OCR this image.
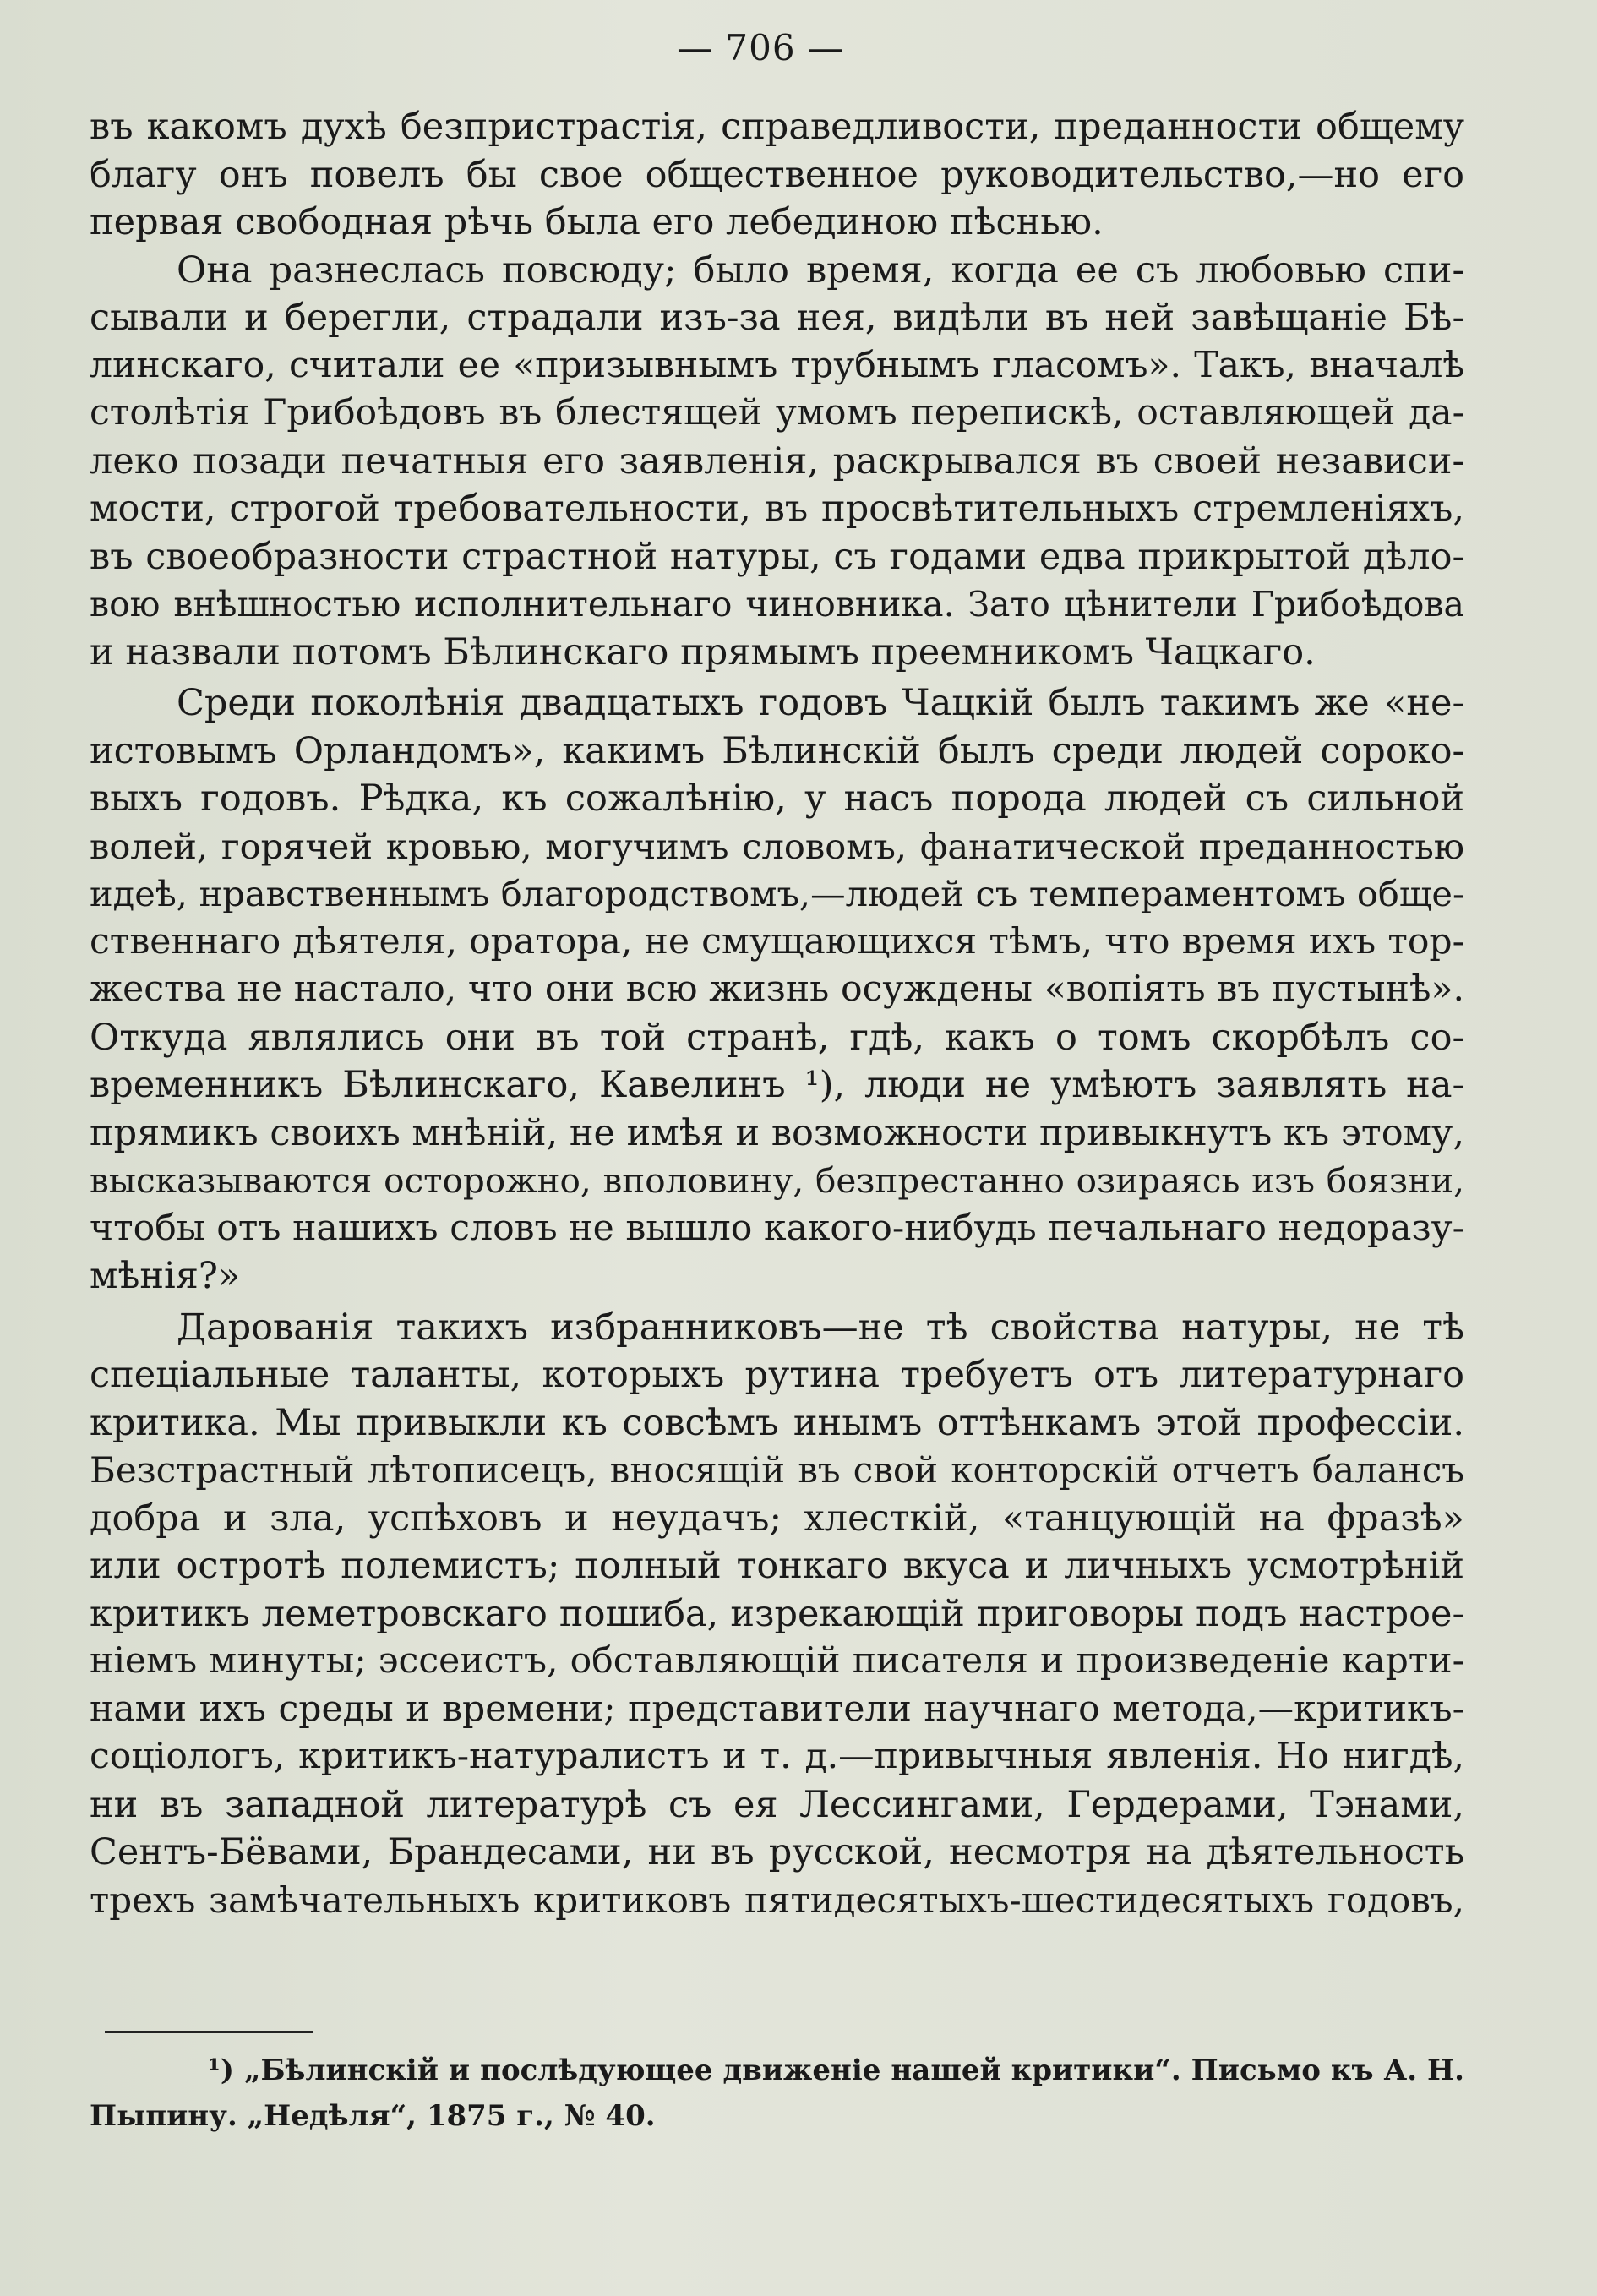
— 706 —
въ какомъ духѣ безпристрастія, справедливости, преданности общему
благу онъ повелъ бы свое общественное руководительство,—но его
первая свободная рѣчь была его лебединою пѣснью.
Она разнеслась повсюду; было время, когда ее съ любовью спи-
сывали и берегли, страдали изъ-за нея, видѣли въ ней завѣщаніе Бѣ-
линскаго, считали ее «призывнымъ трубнымъ гласомъ». Такъ, вначалѣ
столѣтія Грибоѣдовъ въ блестящей умомъ перепискѣ, оставляющей да-
леко позади печатныя его заявленія, раскрывался въ своей независи-
мости, строгой требовательности, въ просвѣтительныхъ стремленіяхъ,
въ своеобразности страстной натуры, съ годами едва прикрытой дѣло-
вою внѣшностью исполнительнаго чиновника. Зато цѣнители Грибоѣдова
и назвали потомъ Бѣлинскаго прямымъ преемникомъ Чацкаго.
Среди поколѣнія двадцатыхъ годовъ Чацкій былъ такимъ же «не-
истовымъ Орландомъ», какимъ Бѣлинскій былъ среди людей сороко-
выхъ годовъ. Рѣдка, къ сожалѣнію, у насъ порода людей съ сильной
волей, горячей кровью, могучимъ словомъ, фанатической преданностью
идеѣ, нравственнымъ благородствомъ,—людей съ темпераментомъ обще-
ственнаго дѣятеля, оратора, не смущающихся тѣмъ, что время ихъ тор-
жества не настало, что они всю жизнь осуждены «вопіять въ пустынѣ».
Откуда являлись они въ той странѣ, гдѣ, какъ о томъ скорбѣлъ со-
временникъ Бѣлинскаго, Кавелинъ ¹), люди не умѣютъ заявлять на-
прямикъ своихъ мнѣній, не имѣя и возможности привыкнутъ къ этому,
высказываются осторожно, вполовину, безпрестанно озираясь изъ боязни,
чтобы отъ нашихъ словъ не вышло какого-нибудь печальнаго недоразу-
мѣнія?»
Дарованія такихъ избранниковъ—не тѣ свойства натуры, не тѣ
спеціальные таланты, которыхъ рутина требуетъ отъ литературнаго
критика. Мы привыкли къ совсѣмъ инымъ оттѣнкамъ этой профессіи.
Безстрастный лѣтописецъ, вносящій въ свой конторскій отчетъ балансъ
добра и зла, успѣховъ и неудачъ; хлесткій, «танцующій на фразѣ»
или остротѣ полемистъ; полный тонкаго вкуса и личныхъ усмотрѣній
критикъ леметровскаго пошиба, изрекающій приговоры подъ настрое-
ніемъ минуты; эссеистъ, обставляющій писателя и произведеніе карти-
нами ихъ среды и времени; представители научнаго метода,—критикъ-
соціологъ, критикъ-натуралистъ и т. д.—привычныя явленія. Но нигдѣ,
ни въ западной литературѣ съ ея Лессингами, Гердерами, Тэнами,
Сентъ-Бёвами, Брандесами, ни въ русской, несмотря на дѣятельность
трехъ замѣчательныхъ критиковъ пятидесятыхъ-шестидесятыхъ годовъ,
¹) „Бѣлинскій и послѣдующее движеніе нашей критики“. Письмо къ А. Н.
Пыпину. „Недѣля“, 1875 г., № 40.
